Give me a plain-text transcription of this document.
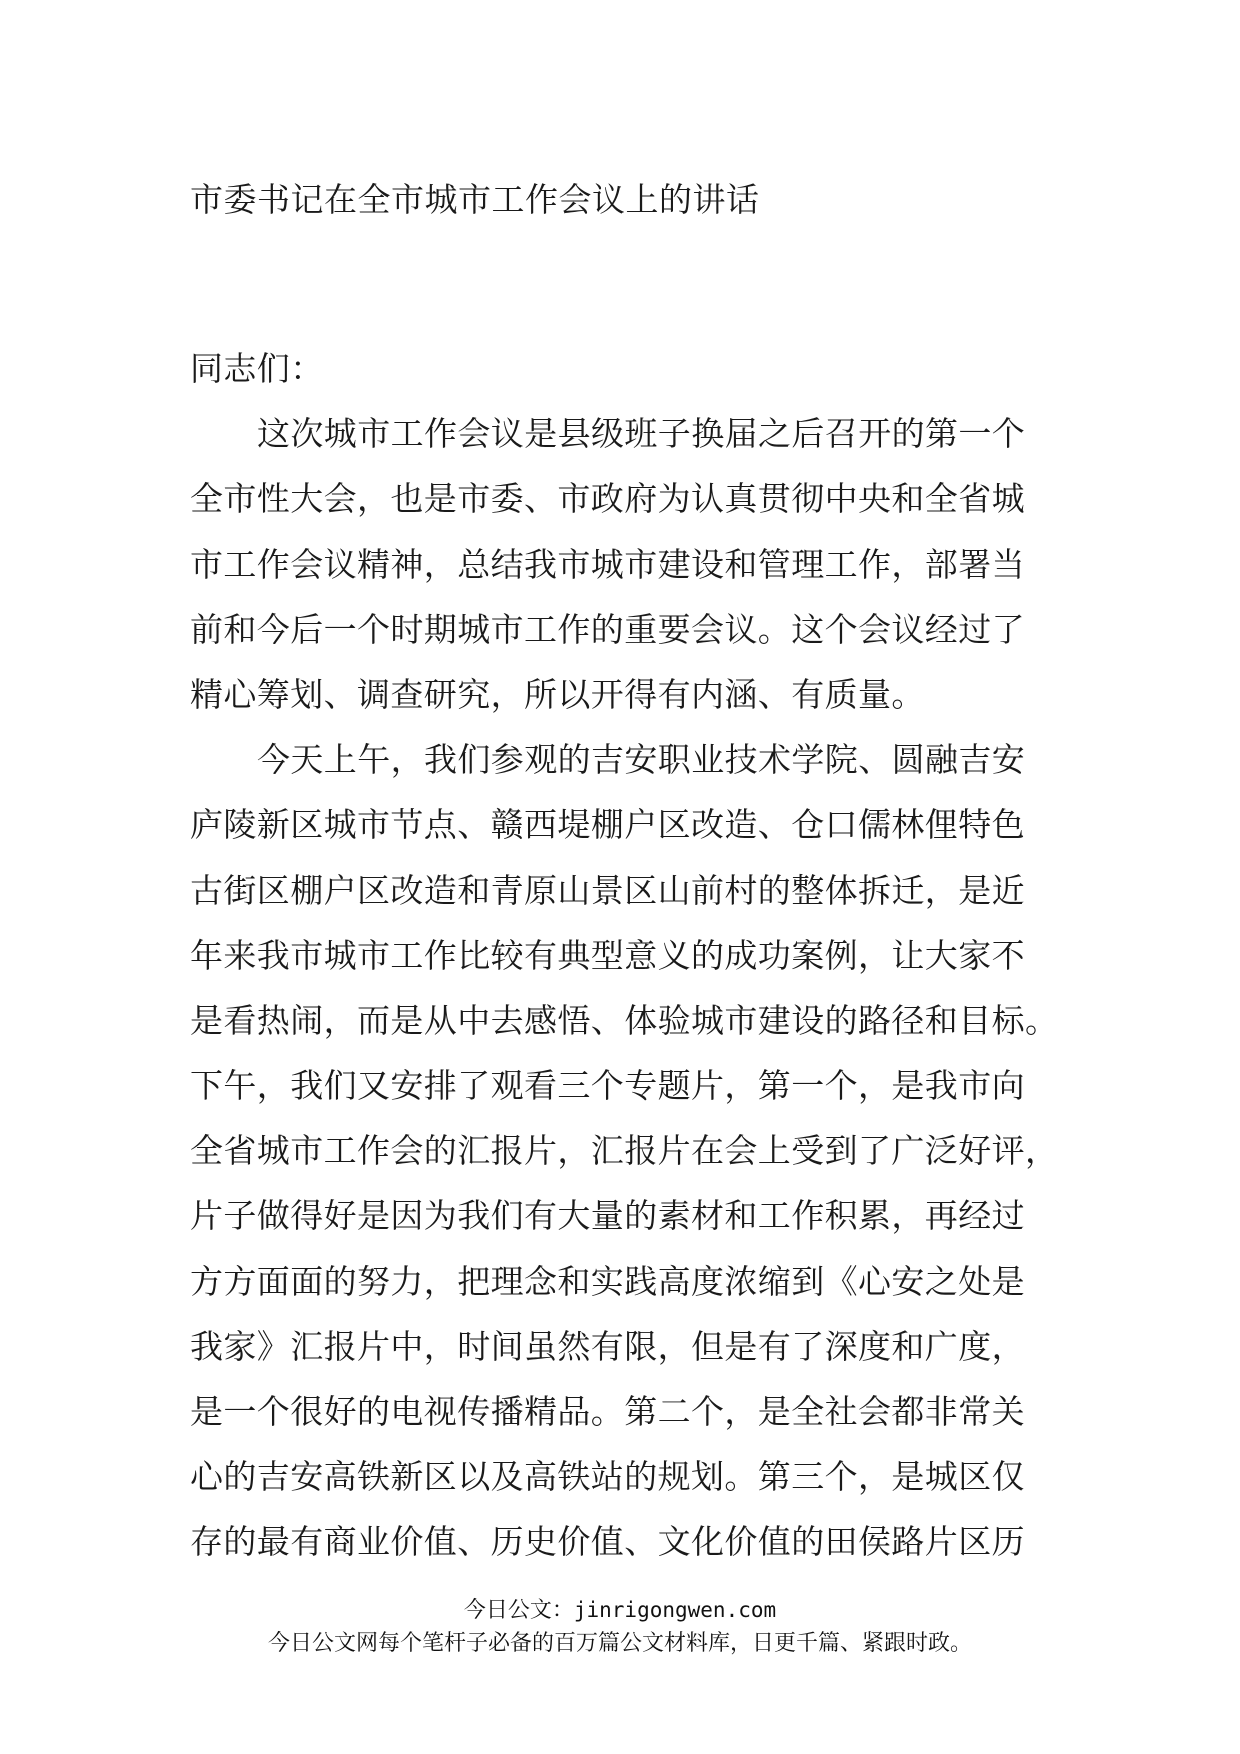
市委书记在全市城市工作会议上的讲话
同志们：
这次城市工作会议是县级班子换届之后召开的第一个
全市性大会，也是市委、市政府为认真贯彻中央和全省城
市工作会议精神，总结我市城市建设和管理工作，部署当
前和今后一个时期城市工作的重要会议。这个会议经过了
精心筹划、调查研究，所以开得有内涵、有质量。
今天上午，我们参观的吉安职业技术学院、圆融吉安
庐陵新区城市节点、赣西堤棚户区改造、仓口儒林俚特色
古街区棚户区改造和青原山景区山前村的整体拆迁，是近
年来我市城市工作比较有典型意义的成功案例，让大家不
是看热闹，而是从中去感悟、体验城市建设的路径和目标。
下午，我们又安排了观看三个专题片，第一个，是我市向
全省城市工作会的汇报片，汇报片在会上受到了广泛好评，
片子做得好是因为我们有大量的素材和工作积累，再经过
方方面面的努力，把理念和实践高度浓缩到《心安之处是
我家》汇报片中，时间虽然有限，但是有了深度和广度，
是一个很好的电视传播精品。第二个，是全社会都非常关
心的吉安高铁新区以及高铁站的规划。第三个，是城区仅
存的最有商业价值、历史价值、文化价值的田侯路片区历
今日公文：jinrigongwen.com
今日公文网每个笔杆子必备的百万篇公文材料库，日更千篇、紧跟时政。
